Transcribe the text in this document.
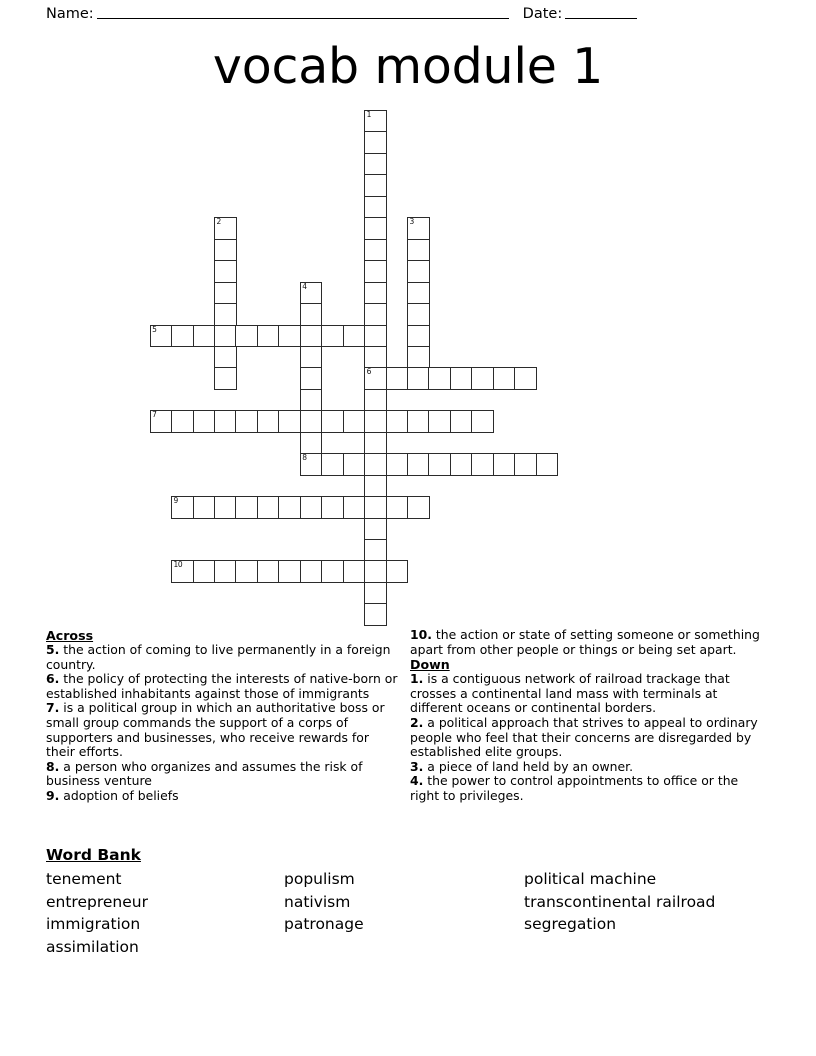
Name:	Date:
vocab module 1
1
6
2	3
4
8
5
7
9
10
Across
5. the action of coming to live permanently in a foreign country.
6. the policy of protecting the interests of native-born or established inhabitants against those of immigrants
7. is a political group in which an authoritative boss or small group commands the support of a corps of supporters and businesses, who receive rewards for their efforts.
8. a person who organizes and assumes the risk of business venture
9. adoption of beliefs
10. the action or state of setting someone or something apart from other people or things or being set apart.
Down
1. is a contiguous network of railroad trackage that crosses a continental land mass with terminals at different oceans or continental borders.
2. a political approach that strives to appeal to ordinary people who feel that their concerns are disregarded by established elite groups.
3. a piece of land held by an owner.
4. the power to control appointments to office or the right to privileges.
Word Bank
tenement
entrepreneur
immigration
assimilation
populism
nativism
patronage
political machine
transcontinental railroad
segregation
